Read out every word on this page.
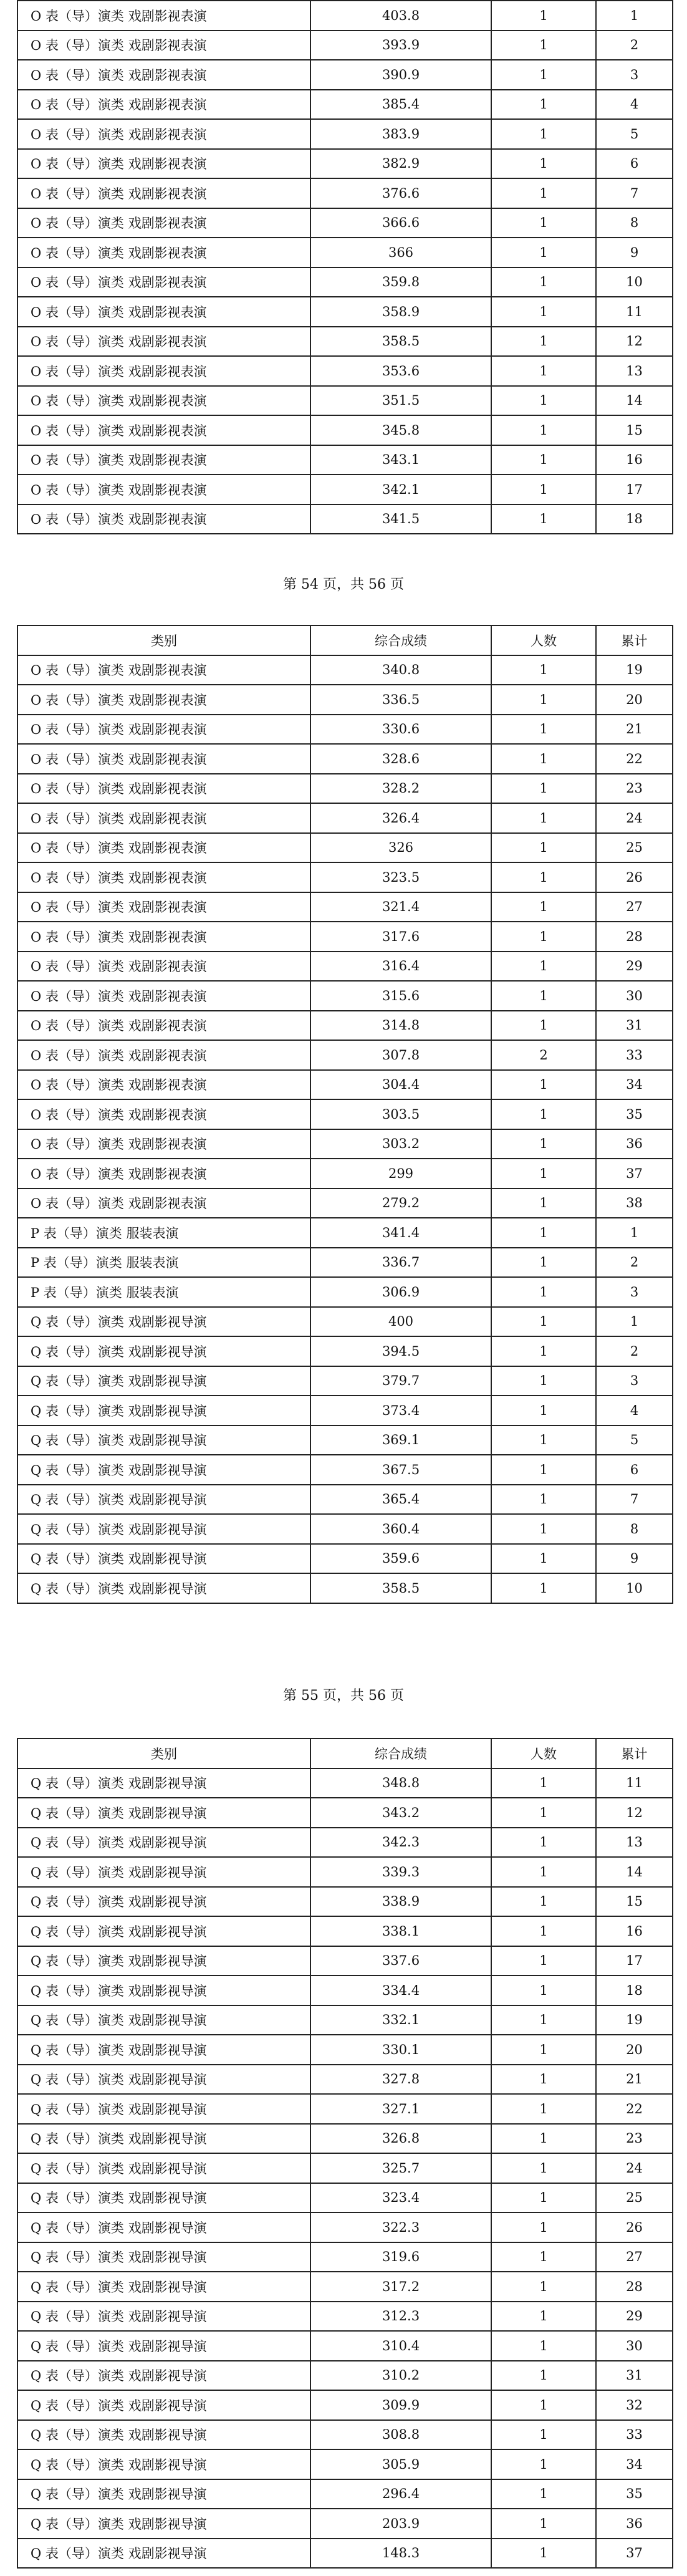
O 表（导）演类 戏剧影视表演	403.8	1	1
O 表（导）演类 戏剧影视表演	393.9	1	2
O 表（导）演类 戏剧影视表演	390.9	1	3
O 表（导）演类 戏剧影视表演	385.4	1	4
O 表（导）演类 戏剧影视表演	383.9	1	5
O 表（导）演类 戏剧影视表演	382.9	1	6
O 表（导）演类 戏剧影视表演	376.6	1	7
O 表（导）演类 戏剧影视表演	366.6	1	8
O 表（导）演类 戏剧影视表演	366	1	9
O 表（导）演类 戏剧影视表演	359.8	1	10
O 表（导）演类 戏剧影视表演	358.9	1	11
O 表（导）演类 戏剧影视表演	358.5	1	12
O 表（导）演类 戏剧影视表演	353.6	1	13
O 表（导）演类 戏剧影视表演	351.5	1	14
O 表（导）演类 戏剧影视表演	345.8	1	15
O 表（导）演类 戏剧影视表演	343.1	1	16
O 表（导）演类 戏剧影视表演	342.1	1	17
O 表（导）演类 戏剧影视表演	341.5	1	18
第 54 页，共 56 页
类别	综合成绩	人数	累计
O 表（导）演类 戏剧影视表演	340.8	1	19
O 表（导）演类 戏剧影视表演	336.5	1	20
O 表（导）演类 戏剧影视表演	330.6	1	21
O 表（导）演类 戏剧影视表演	328.6	1	22
O 表（导）演类 戏剧影视表演	328.2	1	23
O 表（导）演类 戏剧影视表演	326.4	1	24
O 表（导）演类 戏剧影视表演	326	1	25
O 表（导）演类 戏剧影视表演	323.5	1	26
O 表（导）演类 戏剧影视表演	321.4	1	27
O 表（导）演类 戏剧影视表演	317.6	1	28
O 表（导）演类 戏剧影视表演	316.4	1	29
O 表（导）演类 戏剧影视表演	315.6	1	30
O 表（导）演类 戏剧影视表演	314.8	1	31
O 表（导）演类 戏剧影视表演	307.8	2	33
O 表（导）演类 戏剧影视表演	304.4	1	34
O 表（导）演类 戏剧影视表演	303.5	1	35
O 表（导）演类 戏剧影视表演	303.2	1	36
O 表（导）演类 戏剧影视表演	299	1	37
O 表（导）演类 戏剧影视表演	279.2	1	38
P 表（导）演类 服装表演	341.4	1	1
P 表（导）演类 服装表演	336.7	1	2
P 表（导）演类 服装表演	306.9	1	3
Q 表（导）演类 戏剧影视导演	400	1	1
Q 表（导）演类 戏剧影视导演	394.5	1	2
Q 表（导）演类 戏剧影视导演	379.7	1	3
Q 表（导）演类 戏剧影视导演	373.4	1	4
Q 表（导）演类 戏剧影视导演	369.1	1	5
Q 表（导）演类 戏剧影视导演	367.5	1	6
Q 表（导）演类 戏剧影视导演	365.4	1	7
Q 表（导）演类 戏剧影视导演	360.4	1	8
Q 表（导）演类 戏剧影视导演	359.6	1	9
Q 表（导）演类 戏剧影视导演	358.5	1	10
第 55 页，共 56 页
类别	综合成绩	人数	累计
Q 表（导）演类 戏剧影视导演	348.8	1	11
Q 表（导）演类 戏剧影视导演	343.2	1	12
Q 表（导）演类 戏剧影视导演	342.3	1	13
Q 表（导）演类 戏剧影视导演	339.3	1	14
Q 表（导）演类 戏剧影视导演	338.9	1	15
Q 表（导）演类 戏剧影视导演	338.1	1	16
Q 表（导）演类 戏剧影视导演	337.6	1	17
Q 表（导）演类 戏剧影视导演	334.4	1	18
Q 表（导）演类 戏剧影视导演	332.1	1	19
Q 表（导）演类 戏剧影视导演	330.1	1	20
Q 表（导）演类 戏剧影视导演	327.8	1	21
Q 表（导）演类 戏剧影视导演	327.1	1	22
Q 表（导）演类 戏剧影视导演	326.8	1	23
Q 表（导）演类 戏剧影视导演	325.7	1	24
Q 表（导）演类 戏剧影视导演	323.4	1	25
Q 表（导）演类 戏剧影视导演	322.3	1	26
Q 表（导）演类 戏剧影视导演	319.6	1	27
Q 表（导）演类 戏剧影视导演	317.2	1	28
Q 表（导）演类 戏剧影视导演	312.3	1	29
Q 表（导）演类 戏剧影视导演	310.4	1	30
Q 表（导）演类 戏剧影视导演	310.2	1	31
Q 表（导）演类 戏剧影视导演	309.9	1	32
Q 表（导）演类 戏剧影视导演	308.8	1	33
Q 表（导）演类 戏剧影视导演	305.9	1	34
Q 表（导）演类 戏剧影视导演	296.4	1	35
Q 表（导）演类 戏剧影视导演	203.9	1	36
Q 表（导）演类 戏剧影视导演	148.3	1	37
